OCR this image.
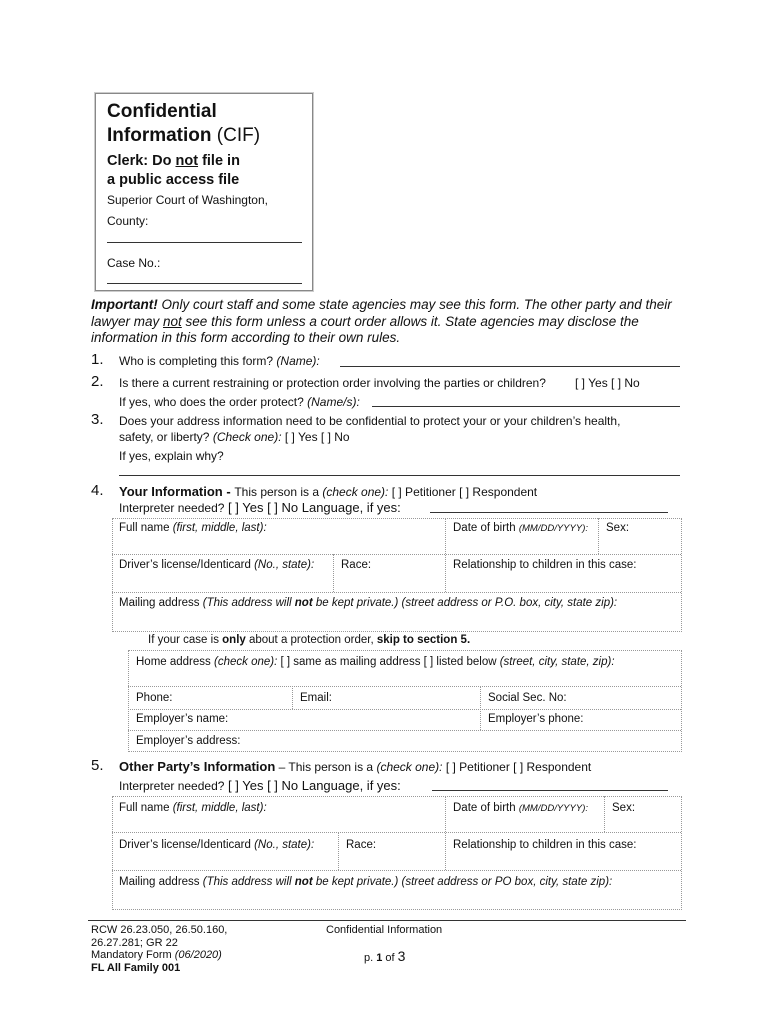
Confidential
Information (CIF)
Clerk: Do not file in
a public access file
Superior Court of Washington,
County:
Case No.:
Important! Only court staff and some state agencies may see this form. The other party and their lawyer may not see this form unless a court order allows it. State agencies may disclose the information in this form according to their own rules.
1. Who is completing this form? (Name):
2. Is there a current restraining or protection order involving the parties or children? [ ] Yes [ ] No
If yes, who does the order protect? (Name/s):
3. Does your address information need to be confidential to protect your or your children’s health,
safety, or liberty? (Check one): [ ] Yes [ ] No
If yes, explain why?
4. Your Information - This person is a (check one): [ ] Petitioner [ ] Respondent
Interpreter needed? [ ] Yes [ ] No Language, if yes:
Full name (first, middle, last):	Date of birth (MM/DD/YYYY): Sex:
Driver’s license/Identicard (No., state): Race:	Relationship to children in this case:
Mailing address (This address will not be kept private.) (street address or P.O. box, city, state zip):
If your case is only about a protection order, skip to section 5.
Home address (check one): [ ] same as mailing address [ ] listed below (street, city, state, zip):
Phone:	Email:	Social Sec. No:
Employer’s name:	Employer’s phone:
Employer’s address:
5. Other Party’s Information – This person is a (check one): [ ] Petitioner [ ] Respondent
Interpreter needed? [ ] Yes [ ] No Language, if yes:
Full name (first, middle, last):	Date of birth (MM/DD/YYYY): Sex:
Driver’s license/Identicard (No., state):	Race:	Relationship to children in this case:
Mailing address (This address will not be kept private.) (street address or PO box, city, state zip):
RCW 26.23.050, 26.50.160,
26.27.281; GR 22
Mandatory Form (06/2020)
FL All Family 001
Confidential Information
p. 1 of 3
